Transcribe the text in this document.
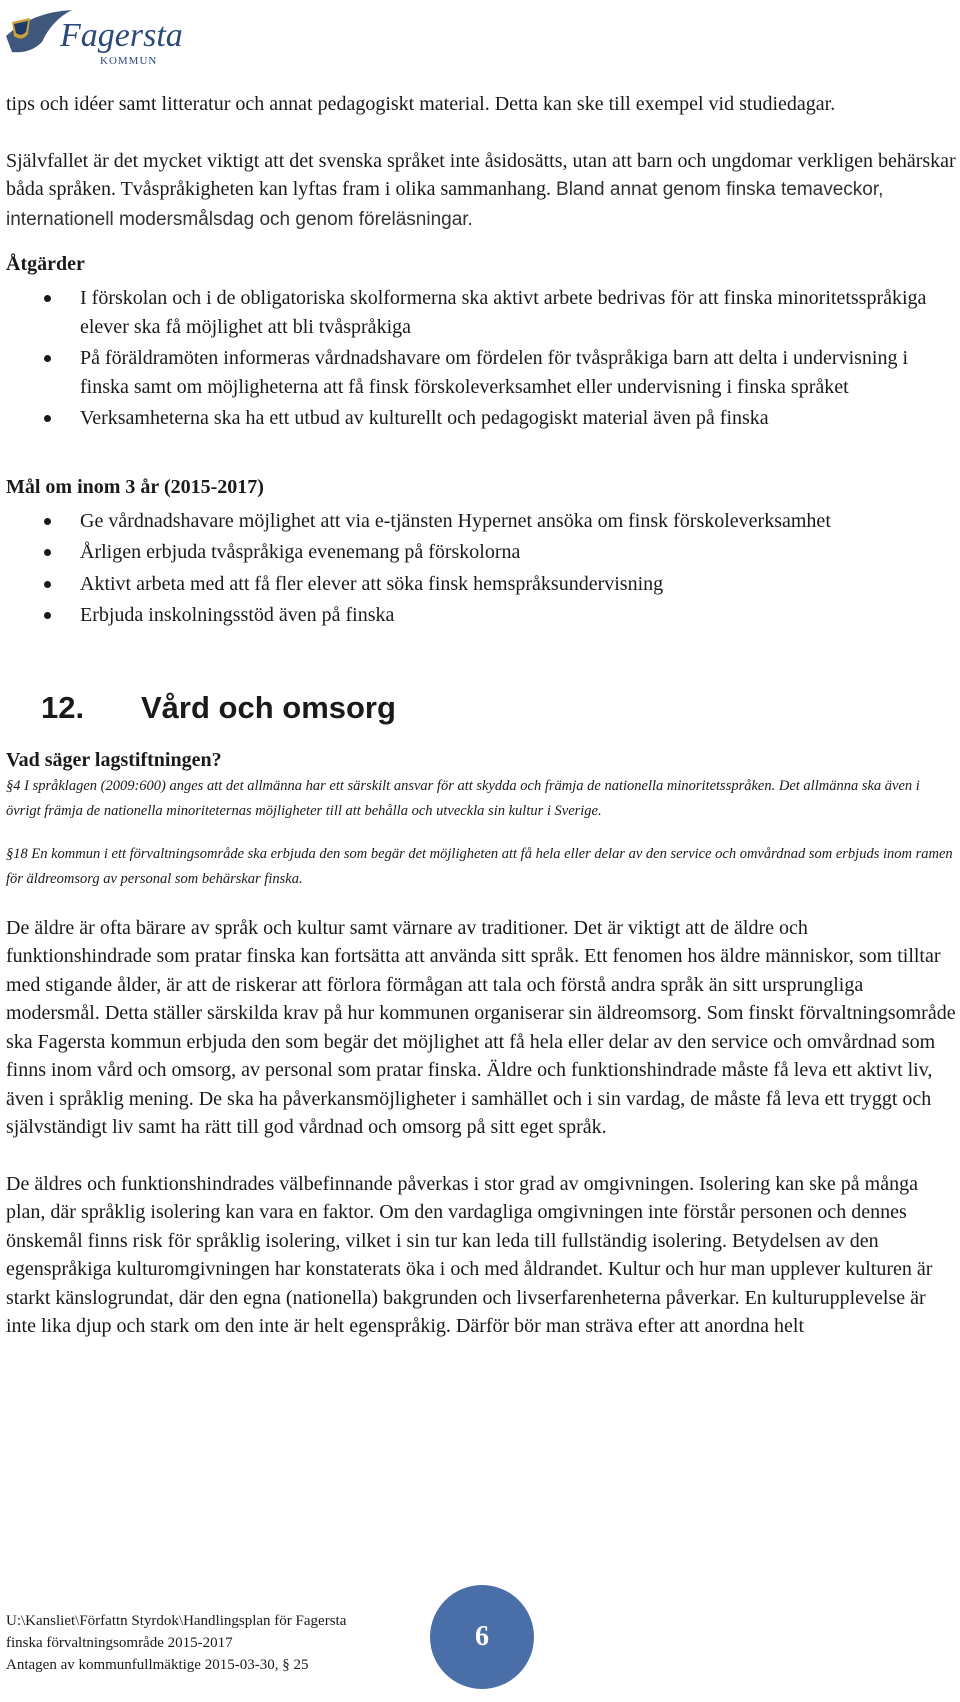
Fagersta
KOMMUN

tips och idéer samt litteratur och annat pedagogiskt material. Detta kan ske till exempel vid studiedagar.

Självfallet är det mycket viktigt att det svenska språket inte åsidosätts, utan att barn och ungdomar verkligen behärskar båda språken. Tvåspråkigheten kan lyftas fram i olika sammanhang. Bland annat genom finska temaveckor, internationell modersmålsdag och genom föreläsningar.

Åtgärder
I förskolan och i de obligatoriska skolformerna ska aktivt arbete bedrivas för att finska minoritetsspråkiga elever ska få möjlighet att bli tvåspråkiga
På föräldramöten informeras vårdnadshavare om fördelen för tvåspråkiga barn att delta i undervisning i finska samt om möjligheterna att få finsk förskoleverksamhet eller undervisning i finska språket
Verksamheterna ska ha ett utbud av kulturellt och pedagogiskt material även på finska
Mål om inom 3 år (2015-2017)
Ge vårdnadshavare möjlighet att via e-tjänsten Hypernet ansöka om finsk förskoleverksamhet
Årligen erbjuda tvåspråkiga evenemang på förskolorna
Aktivt arbeta med att få fler elever att söka finsk hemspråksundervisning
Erbjuda inskolningsstöd även på finska
12. Vård och omsorg
Vad säger lagstiftningen?

§4 I språklagen (2009:600) anges att det allmänna har ett särskilt ansvar för att skydda och främja de nationella minoritetsspråken. Det allmänna ska även i övrigt främja de nationella minoriteternas möjligheter till att behålla och utveckla sin kultur i Sverige.

§18 En kommun i ett förvaltningsområde ska erbjuda den som begär det möjligheten att få hela eller delar av den service och omvårdnad som erbjuds inom ramen för äldreomsorg av personal som behärskar finska.

De äldre är ofta bärare av språk och kultur samt värnare av traditioner. Det är viktigt att de äldre och funktionshindrade som pratar finska kan fortsätta att använda sitt språk. Ett fenomen hos äldre människor, som tilltar med stigande ålder, är att de riskerar att förlora förmågan att tala och förstå andra språk än sitt ursprungliga modersmål. Detta ställer särskilda krav på hur kommunen organiserar sin äldreomsorg. Som finskt förvaltningsområde ska Fagersta kommun erbjuda den som begär det möjlighet att få hela eller delar av den service och omvårdnad som finns inom vård och omsorg, av personal som pratar finska. Äldre och funktionshindrade måste få leva ett aktivt liv, även i språklig mening. De ska ha påverkansmöjligheter i samhället och i sin vardag, de måste få leva ett tryggt och självständigt liv samt ha rätt till god vårdnad och omsorg på sitt eget språk.

De äldres och funktionshindrades välbefinnande påverkas i stor grad av omgivningen. Isolering kan ske på många plan, där språklig isolering kan vara en faktor. Om den vardagliga omgivningen inte förstår personen och dennes önskemål finns risk för språklig isolering, vilket i sin tur kan leda till fullständig isolering. Betydelsen av den egenspråkiga kulturomgivningen har konstaterats öka i och med åldrandet. Kultur och hur man upplever kulturen är starkt känslogrundat, där den egna (nationella) bakgrunden och livserfarenheterna påverkar. En kulturupplevelse är inte lika djup och stark om den inte är helt egenspråkig. Därför bör man sträva efter att anordna helt

U:\Kansliet\Författn Styrdok\Handlingsplan för Fagersta
finska förvaltningsområde 2015-2017
Antagen av kommunfullmäktige 2015-03-30, § 25
6
